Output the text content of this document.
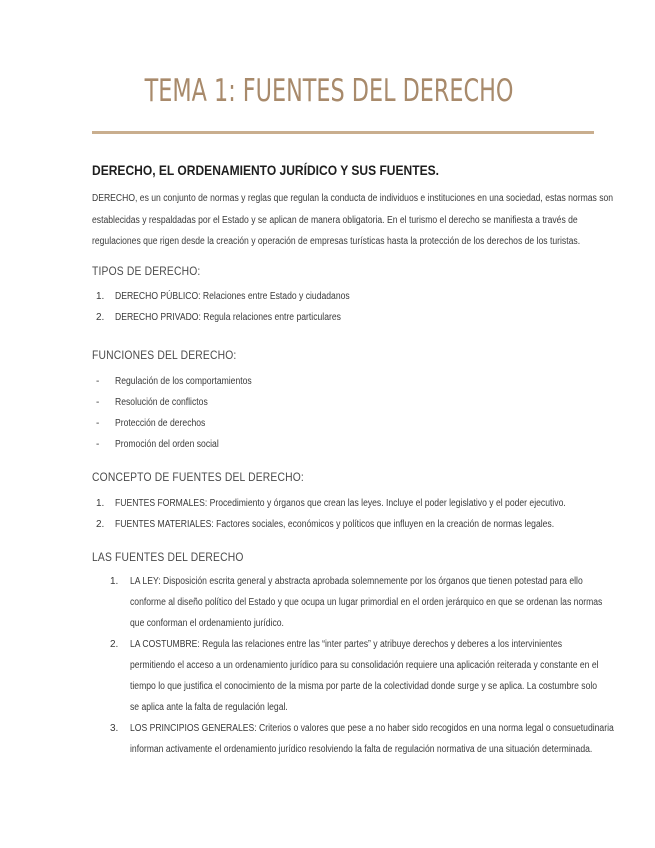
TEMA 1: FUENTES DEL DERECHO
DERECHO, EL ORDENAMIENTO JURÍDICO Y SUS FUENTES.
DERECHO, es un conjunto de normas y reglas que regulan la conducta de individuos e instituciones en una sociedad, estas normas son
establecidas y respaldadas por el Estado y se aplican de manera obligatoria. En el turismo el derecho se manifiesta a través de
regulaciones que rigen desde la creación y operación de empresas turísticas hasta la protección de los derechos de los turistas.
TIPOS DE DERECHO:
1. DERECHO PÚBLICO: Relaciones entre Estado y ciudadanos
2. DERECHO PRIVADO: Regula relaciones entre particulares
FUNCIONES DEL DERECHO:
- Regulación de los comportamientos
- Resolución de conflictos
- Protección de derechos
- Promoción del orden social
CONCEPTO DE FUENTES DEL DERECHO:
1. FUENTES FORMALES: Procedimiento y órganos que crean las leyes. Incluye el poder legislativo y el poder ejecutivo.
2. FUENTES MATERIALES: Factores sociales, económicos y políticos que influyen en la creación de normas legales.
LAS FUENTES DEL DERECHO
1. LA LEY: Disposición escrita general y abstracta aprobada solemnemente por los órganos que tienen potestad para ello
conforme al diseño político del Estado y que ocupa un lugar primordial en el orden jerárquico en que se ordenan las normas
que conforman el ordenamiento jurídico.
2. LA COSTUMBRE: Regula las relaciones entre las “inter partes” y atribuye derechos y deberes a los intervinientes
permitiendo el acceso a un ordenamiento jurídico para su consolidación requiere una aplicación reiterada y constante en el
tiempo lo que justifica el conocimiento de la misma por parte de la colectividad donde surge y se aplica. La costumbre solo
se aplica ante la falta de regulación legal.
3. LOS PRINCIPIOS GENERALES: Criterios o valores que pese a no haber sido recogidos en una norma legal o consuetudinaria
informan activamente el ordenamiento jurídico resolviendo la falta de regulación normativa de una situación determinada.
